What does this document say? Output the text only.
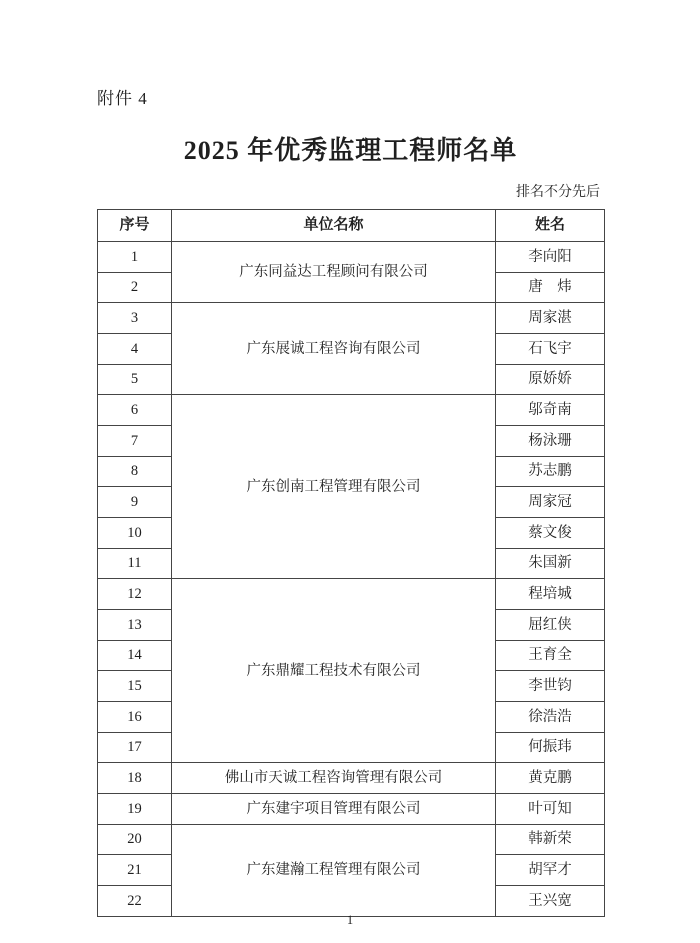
附件 4
2025 年优秀监理工程师名单
排名不分先后
序号	单位名称	姓名
1	广东同益达工程顾问有限公司	李向阳
2		唐　炜
3	广东展诚工程咨询有限公司	周家湛
4		石飞宇
5		原娇娇
6	广东创南工程管理有限公司	邬奇南
7		杨泳珊
8		苏志鹏
9		周家冠
10		蔡文俊
11		朱国新
12	广东鼎耀工程技术有限公司	程培城
13		屈红侠
14		王育全
15		李世钧
16		徐浩浩
17		何振玮
18	佛山市天诚工程咨询管理有限公司	黄克鹏
19	广东建宇项目管理有限公司	叶可知
20	广东建瀚工程管理有限公司	韩新荣
21		胡罕才
22		王兴宽
1
